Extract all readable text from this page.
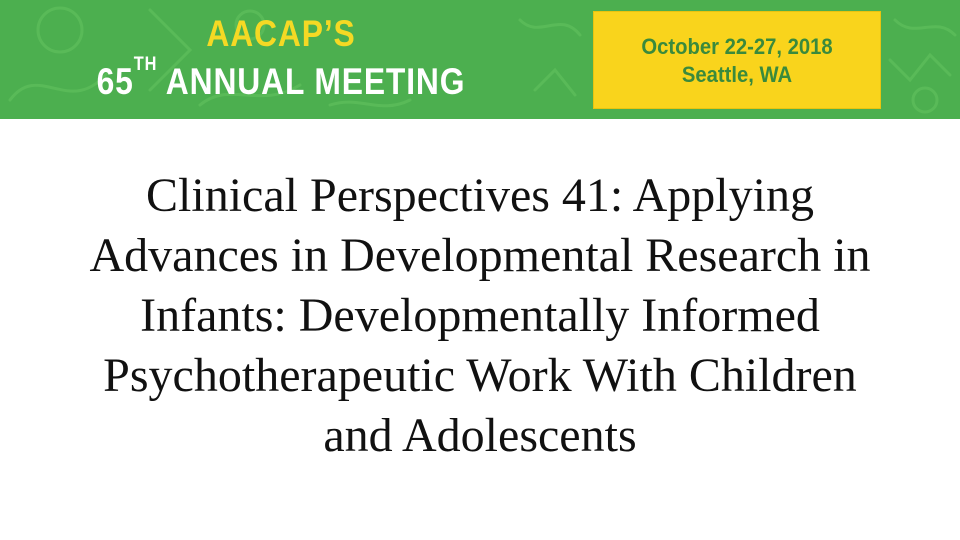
AACAP’S
65TH ANNUAL MEETING
October 22-27, 2018
Seattle, WA
Clinical Perspectives 41: Applying
Advances in Developmental Research in
Infants: Developmentally Informed
Psychotherapeutic Work With Children
and Adolescents
